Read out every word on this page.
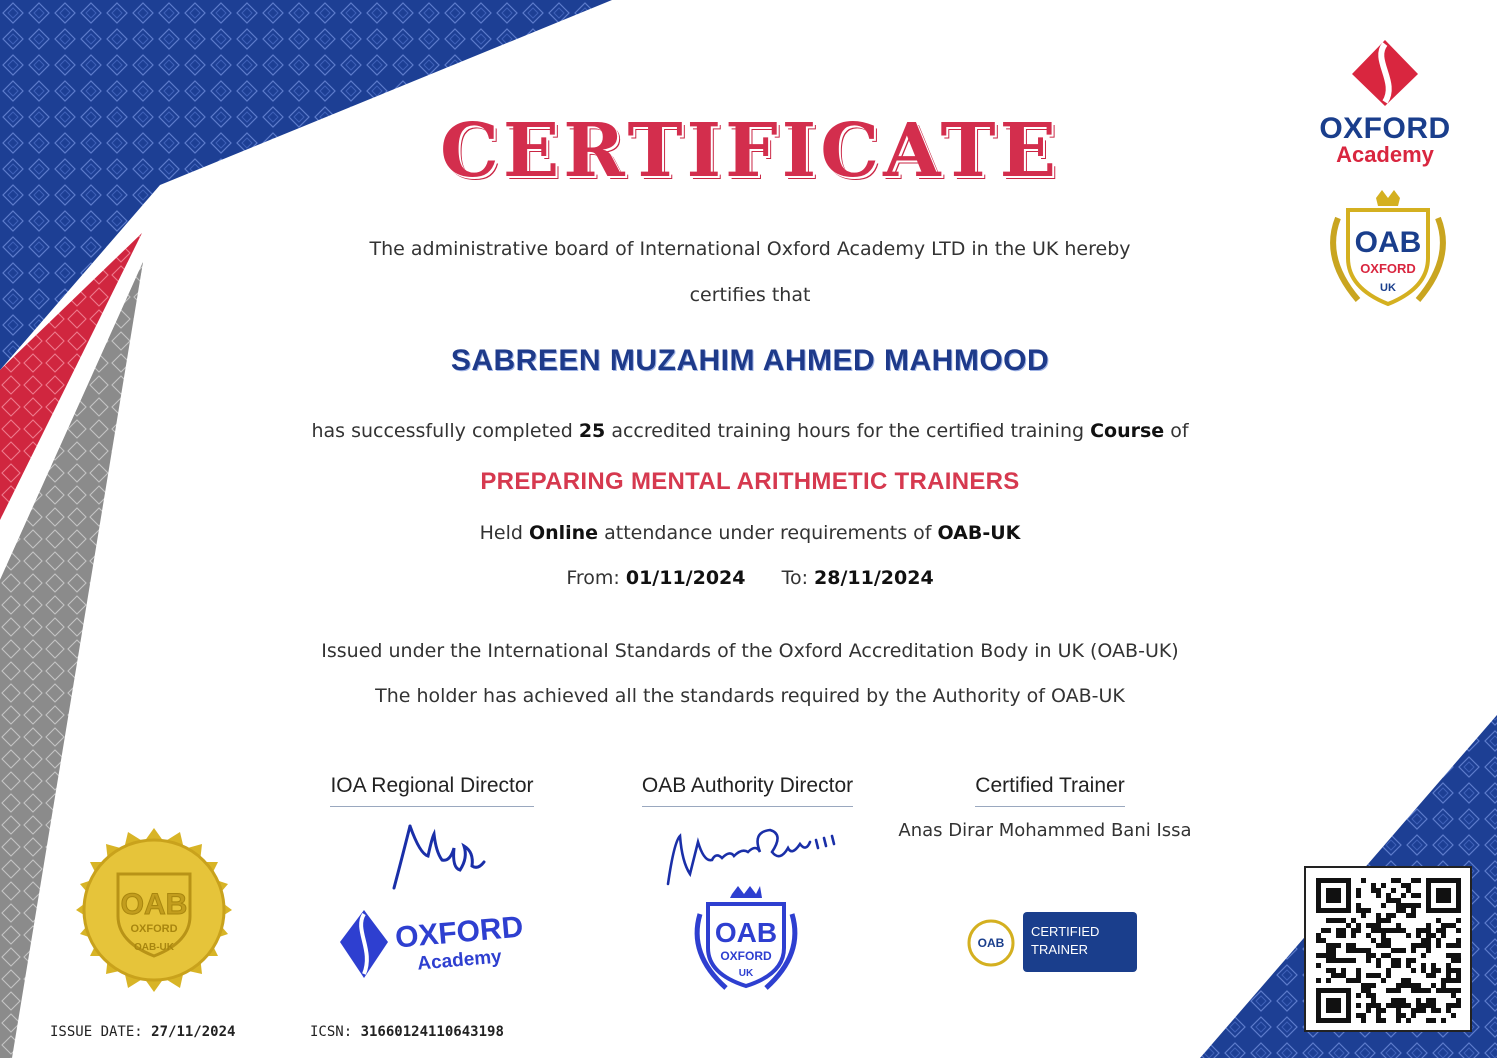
CERTIFICATE
The administrative board of International Oxford Academy LTD in the UK hereby
certifies that
SABREEN MUZAHIM AHMED MAHMOOD
has successfully completed 25 accredited training hours for the certified training Course of
PREPARING MENTAL ARITHMETIC TRAINERS
Held Online attendance under requirements of OAB-UK
From: 01/11/2024 To: 28/11/2024
Issued under the International Standards of the Oxford Accreditation Body in UK (OAB-UK)
The holder has achieved all the standards required by the Authority of OAB-UK
OXFORD
Academy
OAB
OXFORD
UK
OAB
OXFORD
OAB-UK
IOA Regional Director	OAB Authority Director	Certified Trainer
Anas Dirar Mohammed Bani Issa
OXFORD
Academy
OAB
OXFORD
UK
OAB
CERTIFIED
TRAINER
ISSUE DATE: 27/11/2024	ICSN: 31660124110643198
